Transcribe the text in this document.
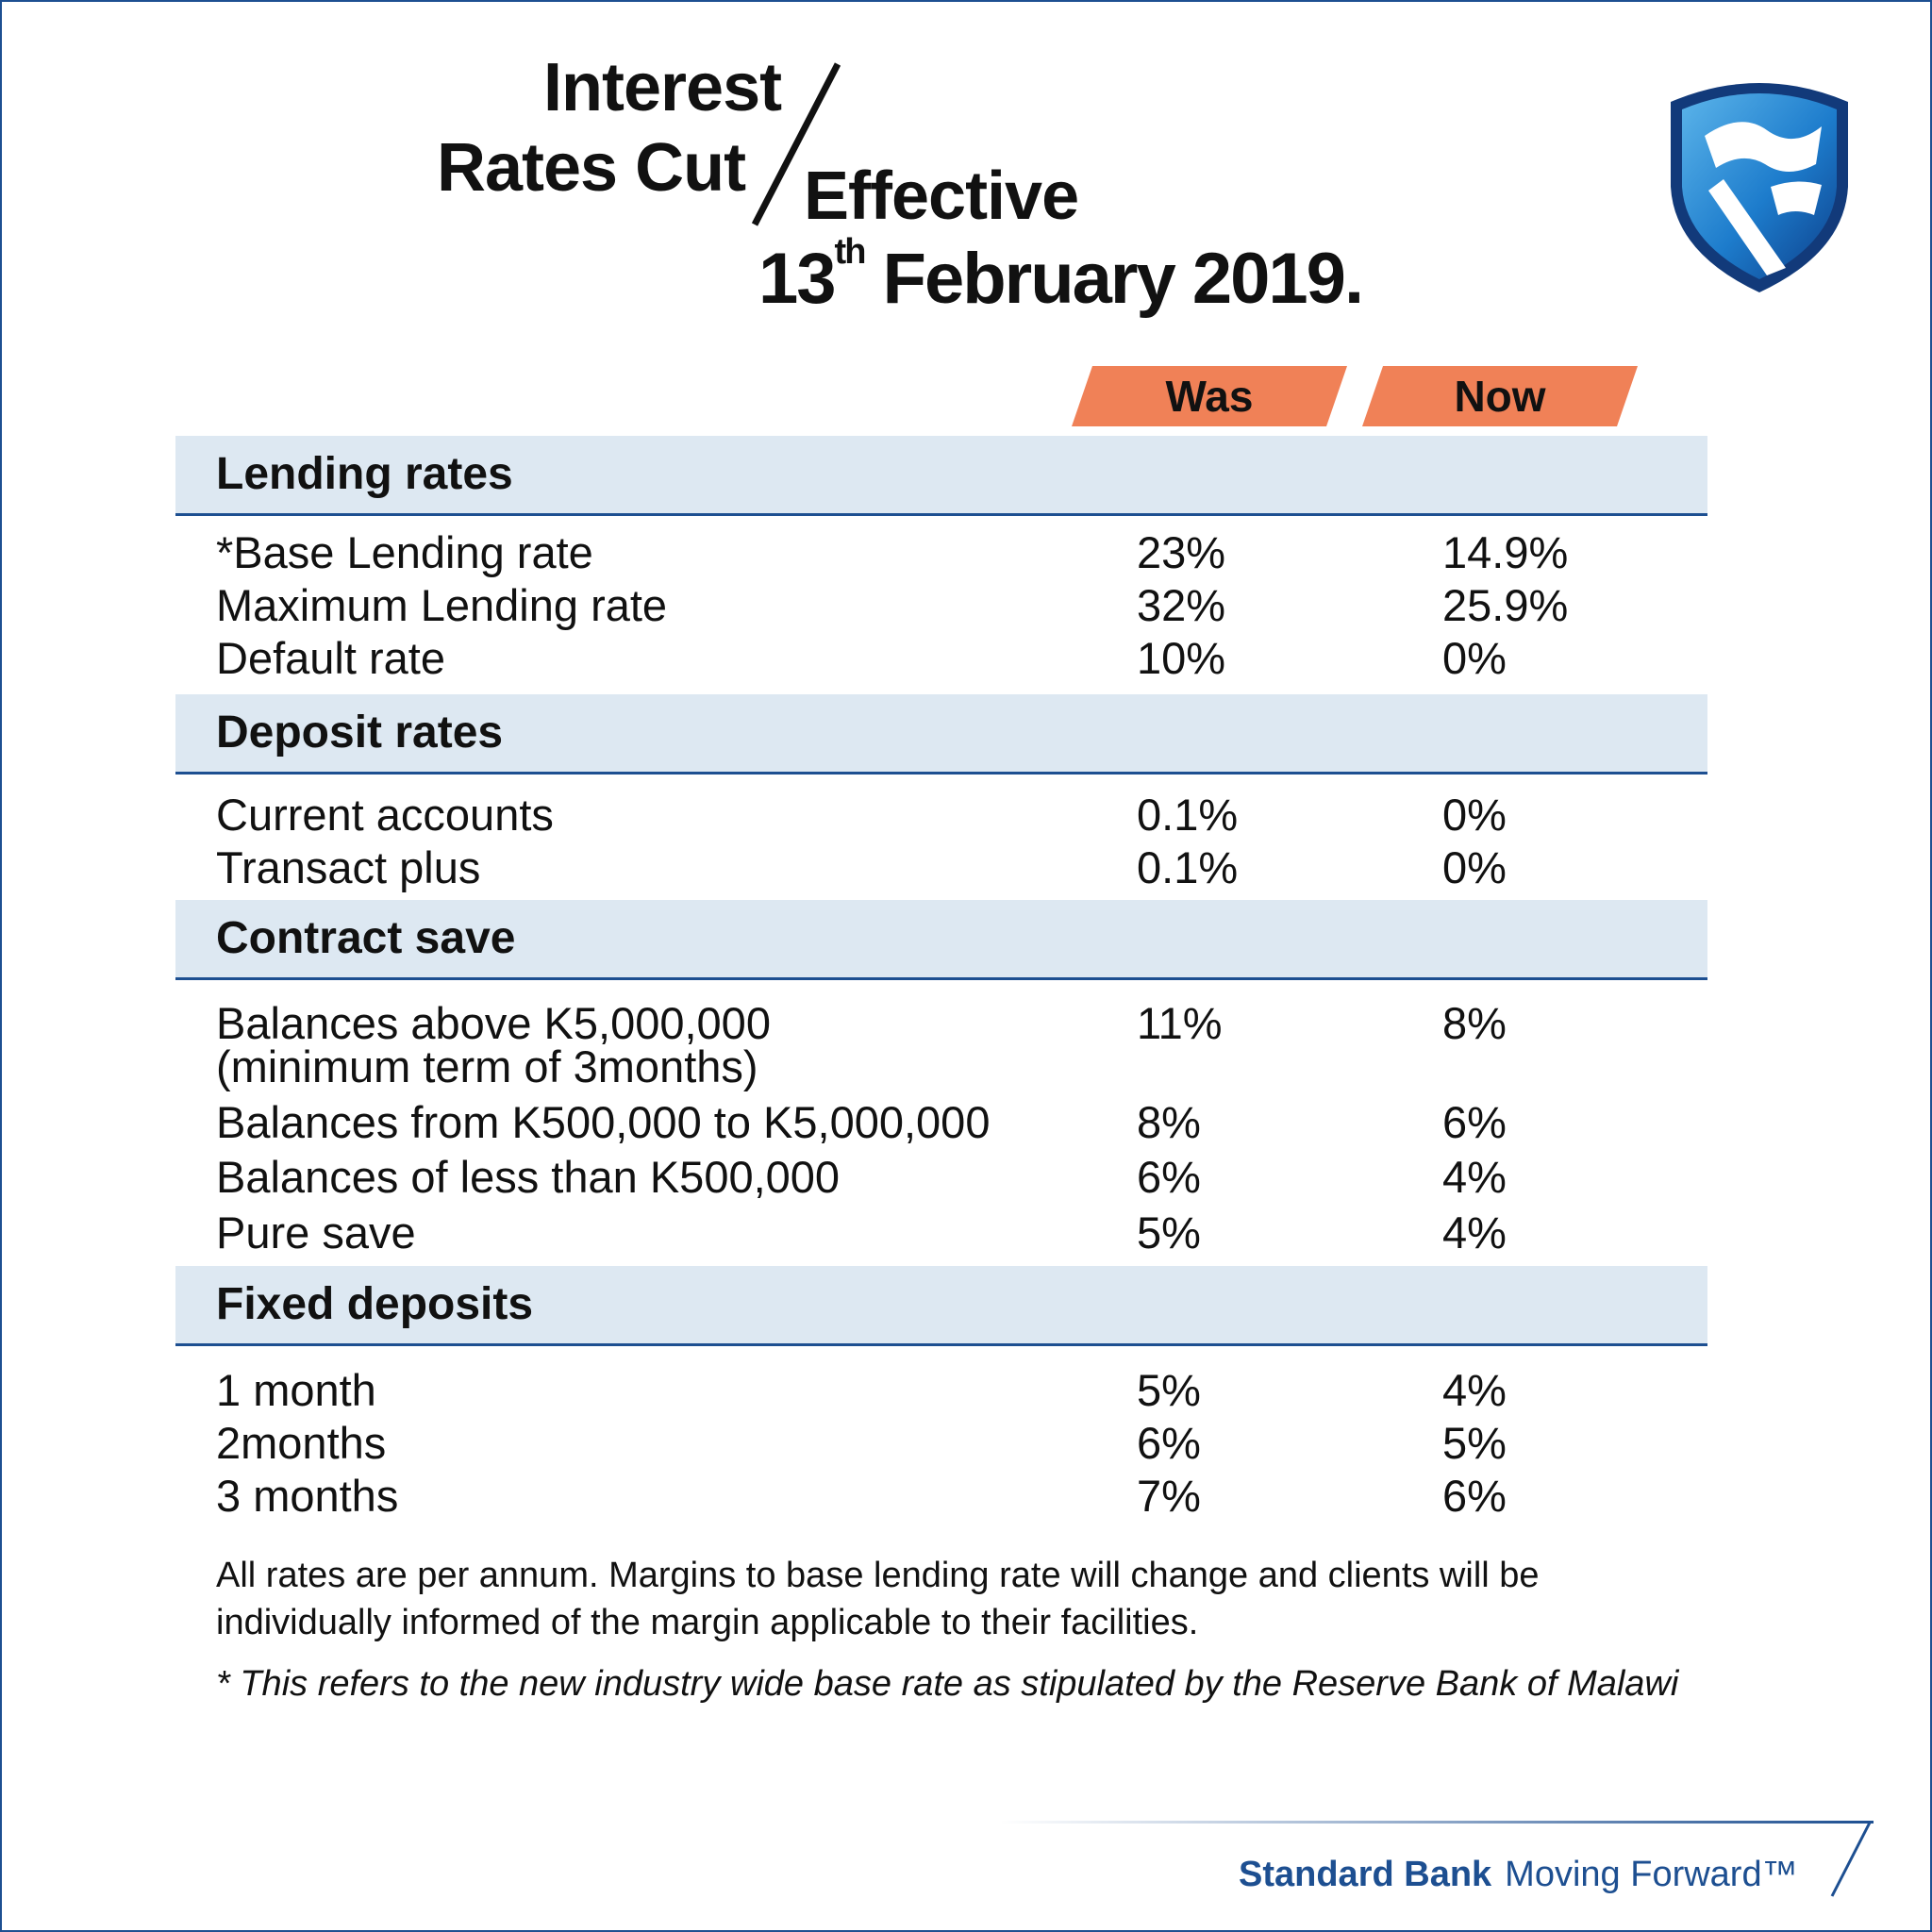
Interest
Rates Cut Effective
13th February 2019.
Was	Now
Lending rates
*Base Lending rate	23%	14.9%
Maximum Lending rate	32%	25.9%
Default rate	10%	0%
Deposit rates
Current accounts	0.1%	0%
Transact plus	0.1%	0%
Contract save
Balances above K5,000,000	11%	8%
(minimum term of 3months)
Balances from K500,000 to K5,000,000	8%	6%
Balances of less than K500,000	6%	4%
Pure save	5%	4%
Fixed deposits
1 month	5%	4%
2months	6%	5%
3 months	7%	6%
All rates are per annum. Margins to base lending rate will change and clients will be individually informed of the margin applicable to their facilities.
* This refers to the new industry wide base rate as stipulated by the Reserve Bank of Malawi
Standard Bank Moving Forward™
